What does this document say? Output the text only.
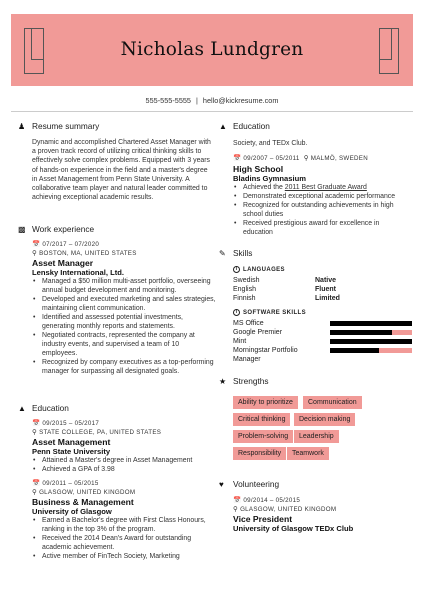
Nicholas Lundgren
555-555-5555 | hello@kickresume.com
♟ Resume summary
Dynamic and accomplished Chartered Asset Manager with a proven track record of utilizing critical thinking skills to effectively solve complex problems. Equipped with 3 years of hands-on experience in the field and a master's degree in Asset Management from Penn State University. A collaborative team player and natural leader committed to achieving exceptional academic results.
▩ Work experience
📅 07/2017 – 07/2020
⚲ BOSTON, MA, UNITED STATES
Asset Manager
Lensky International, Ltd.
• Managed a $50 million multi-asset portfolio, overseeing annual budget development and monitoring.
• Developed and executed marketing and sales strategies, maintaining client communication.
• Identified and assessed potential investments, generating monthly reports and statements.
• Negotiated contracts, represented the company at industry events, and supervised a team of 10 employees.
• Recognized by company executives as a top-performing manager for surpassing all designated goals.
▲ Education
📅 09/2015 – 05/2017
⚲ STATE COLLEGE, PA, UNITED STATES
Asset Management
Penn State University
• Attained a Master's degree in Asset Management
• Achieved a GPA of 3.98
📅 09/2011 – 05/2015
⚲ GLASGOW, UNITED KINGDOM
Business & Management
University of Glasgow
• Earned a Bachelor's degree with First Class Honours, ranking in the top 3% of the program.
• Received the 2014 Dean's Award for outstanding academic achievement.
• Active member of FinTech Society, Marketing
▲ Education
Society, and TEDx Club.
📅 09/2007 – 05/2011 ⚲ MALMÖ, SWEDEN
High School
Bladins Gymnasium
• Achieved the 2011 Best Graduate Award
• Demonstrated exceptional academic performance
• Recognized for outstanding achievements in high school duties
• Received prestigious award for excellence in education
✎ Skills
i LANGUAGES
Swedish	Native
English	Fluent
Finnish	Limited
i SOFTWARE SKILLS
MS Office
Google Premier
Mint
Morningstar Portfolio
Manager
★ Strengths
Ability to prioritize	Communication
Critical thinking	Decision making
Problem-solving	Leadership
Responsibility	Teamwork
♥	Volunteering
📅 09/2014 – 05/2015
⚲ GLASGOW, UNITED KINGDOM
Vice President
University of Glasgow TEDx Club
